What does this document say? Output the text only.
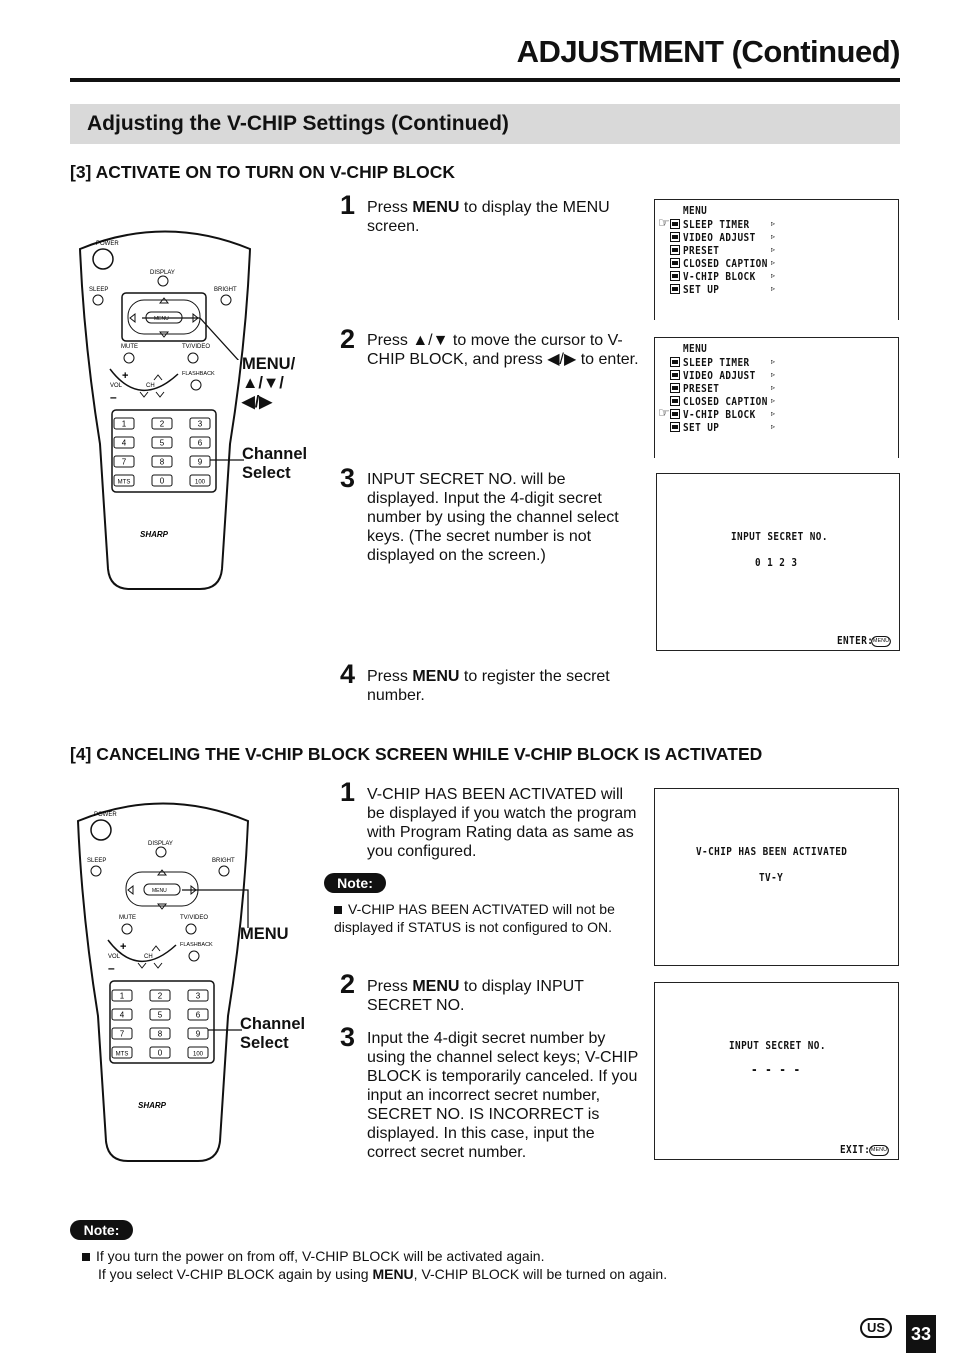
ADJUSTMENT (Continued)
Adjusting the V-CHIP Settings (Continued)
[3] ACTIVATE ON TO TURN ON V-CHIP BLOCK
POWER
DISPLAY
SLEEP	BRIGHT
MENU
MUTE	TV/VIDEO
FLASHBACK
+
VOL
–
CH
1	2	3
4	5	6
7	8	9
MTS	0	100
SHARP
MENU/
▲/▼/
◀/▶
Channel
Select
1 Press MENU to display the MENU screen.
2 Press ▲/▼ to move the cursor to V-CHIP BLOCK, and press ◀/▶ to enter.
3 INPUT SECRET NO. will be displayed. Input the 4-digit secret number by using the channel select keys. (The secret number is not displayed on the screen.)
4 Press MENU to register the secret number.
MENU
SLEEP TIMER	▹
☞
VIDEO ADJUST ▹
PRESET	▹
CLOSED CAPTION ▹
V-CHIP BLOCK ▹
SET UP	▹
MENU
SLEEP TIMER	▹
VIDEO ADJUST ▹
PRESET	▹
CLOSED CAPTION ▹
V-CHIP BLOCK ▹
☞
SET UP	▹
INPUT SECRET NO.
0 1 2 3
ENTER: MENU
[4] CANCELING THE V-CHIP BLOCK SCREEN WHILE V-CHIP BLOCK IS ACTIVATED
POWER
DISPLAY
SLEEP	BRIGHT
MENU
MUTE	TV/VIDEO
FLASHBACK
+
VOL
–
CH
1	2	3
4	5	6
7	8	9
MTS	0	100
SHARP
MENU
Channel
Select
1 V-CHIP HAS BEEN ACTIVATED will be displayed if you watch the program with Program Rating data as same as you configured.
Note:
V-CHIP HAS BEEN ACTIVATED will not be displayed if STATUS is not configured to ON.
2 Press MENU to display INPUT SECRET NO.
3 Input the 4-digit secret number by using the channel select keys; V-CHIP BLOCK is temporarily canceled. If you input an incorrect secret number, SECRET NO. IS INCORRECT is displayed. In this case, input the correct secret number.
V-CHIP HAS BEEN ACTIVATED
TV-Y
INPUT SECRET NO.
- - - -
EXIT: MENU
Note:
If you turn the power on from off, V-CHIP BLOCK will be activated again.
If you select V-CHIP BLOCK again by using MENU, V-CHIP BLOCK will be turned on again.
US	33
